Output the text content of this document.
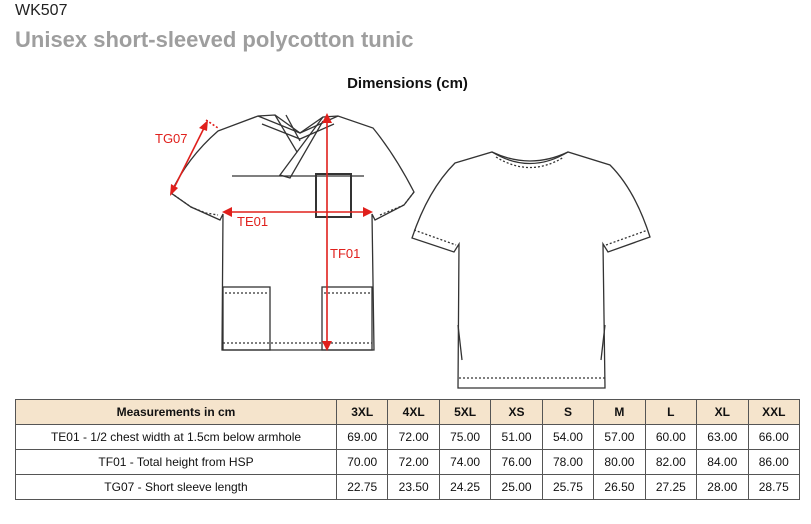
WK507
Unisex short-sleeved polycotton tunic
Dimensions (cm)
TG07
TE01
TF01
Measurements in cm	3XL	4XL	5XL	XS	S	M	L	XL	XXL
TE01 - 1/2 chest width at 1.5cm below armhole	69.00	72.00	75.00	51.00	54.00	57.00	60.00	63.00	66.00
TF01 - Total height from HSP	70.00	72.00	74.00	76.00	78.00	80.00	82.00	84.00	86.00
TG07 - Short sleeve length	22.75	23.50	24.25	25.00	25.75	26.50	27.25	28.00	28.75
